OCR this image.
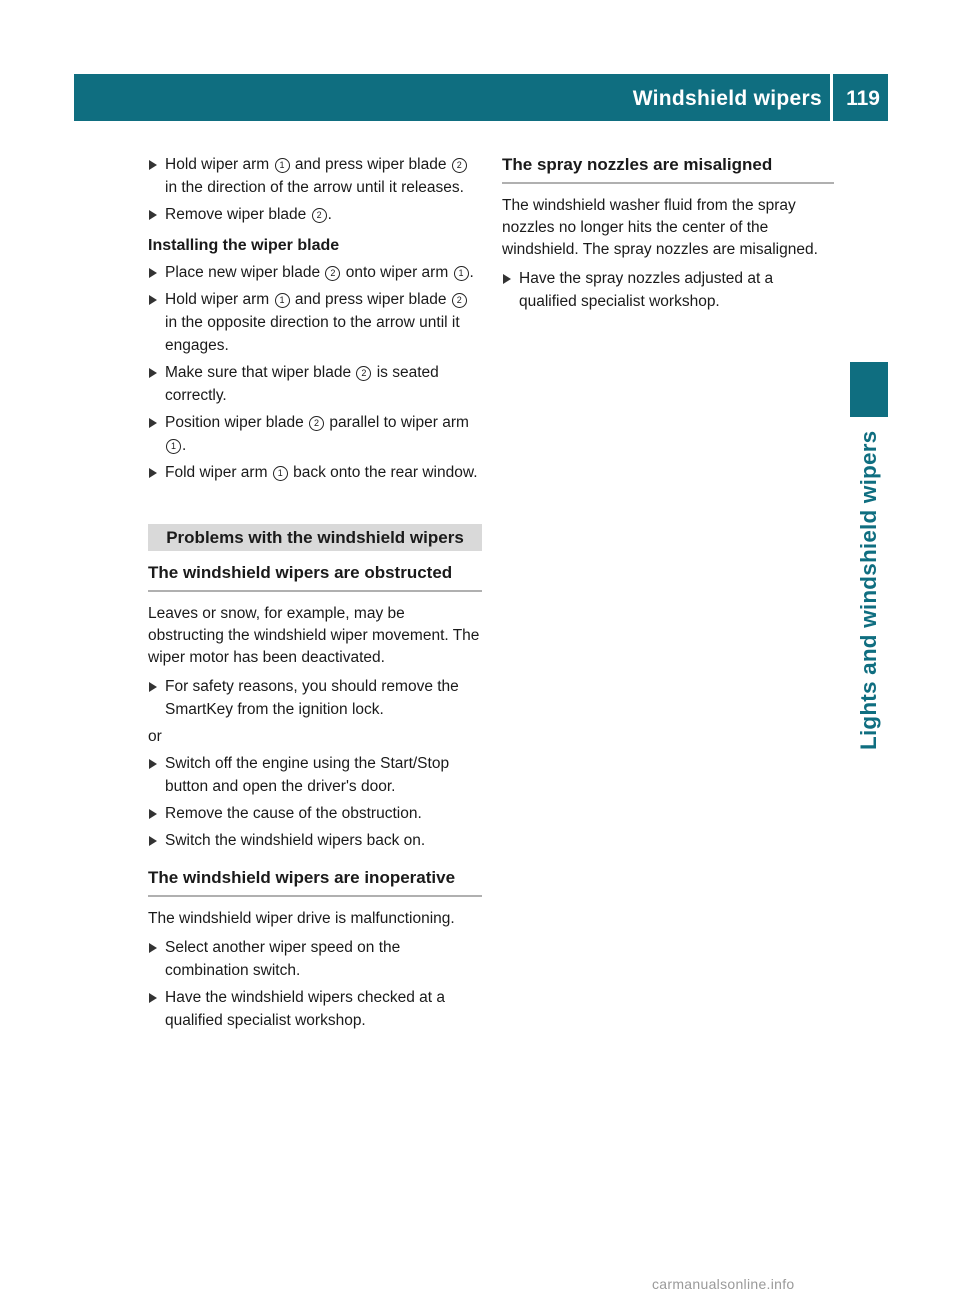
Windshield wipers 119
Lights and windshield wipers
Hold wiper arm 1 and press wiper blade 2 in the direction of the arrow until it releases.
Remove wiper blade 2 .
Installing the wiper blade
Place new wiper blade 2 onto wiper arm 1 .
Hold wiper arm 1 and press wiper blade 2 in the opposite direction to the arrow until it engages.
Make sure that wiper blade 2 is seated correctly.
Position wiper blade 2 parallel to wiper arm 1 .
Fold wiper arm 1 back onto the rear window.
Problems with the windshield wipers
The windshield wipers are obstructed
Leaves or snow, for example, may be obstructing the windshield wiper movement. The wiper motor has been deactivated.
For safety reasons, you should remove the SmartKey from the ignition lock.
or
Switch off the engine using the Start/Stop button and open the driver's door.
Remove the cause of the obstruction.
Switch the windshield wipers back on.
The windshield wipers are inoperative
The windshield wiper drive is malfunctioning.
Select another wiper speed on the combination switch.
Have the windshield wipers checked at a qualified specialist workshop.
The spray nozzles are misaligned
The windshield washer fluid from the spray nozzles no longer hits the center of the windshield. The spray nozzles are misaligned.
Have the spray nozzles adjusted at a qualified specialist workshop.
carmanualsonline.info
